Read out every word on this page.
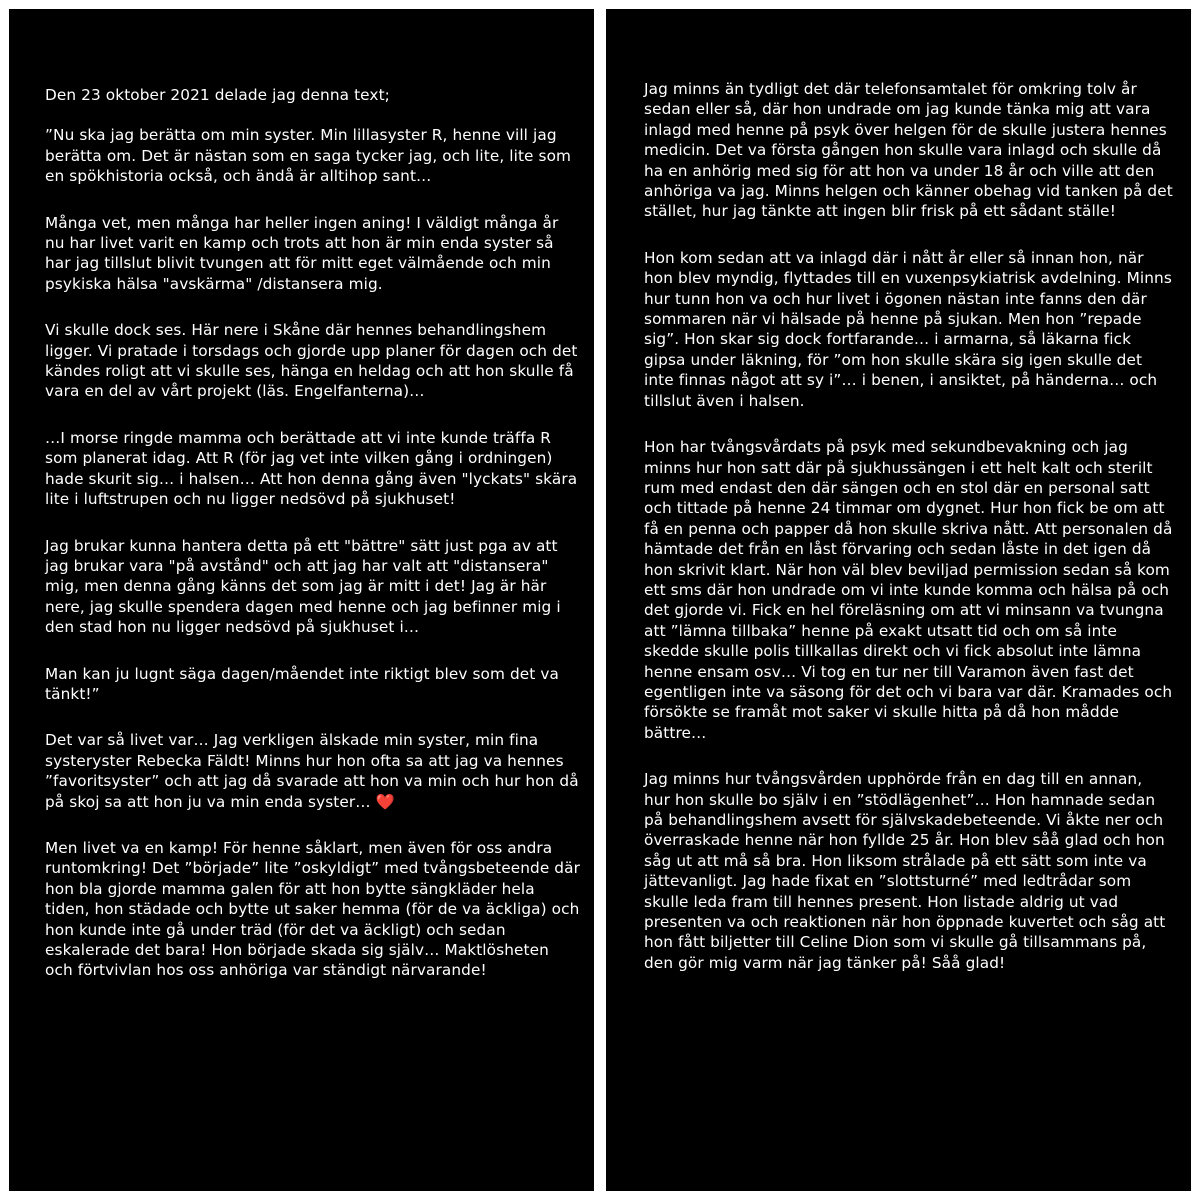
Den 23 oktober 2021 delade jag denna text;

”Nu ska jag berätta om min syster. Min lillasyster R, henne vill jag berätta om. Det är nästan som en saga tycker jag, och lite, lite som en spökhistoria också, och ändå är alltihop sant…

Många vet, men många har heller ingen aning! I väldigt många år nu har livet varit en kamp och trots att hon är min enda syster så har jag tillslut blivit tvungen att för mitt eget välmående och min psykiska hälsa "avskärma" /distansera mig.

Vi skulle dock ses. Här nere i Skåne där hennes behandlingshem ligger. Vi pratade i torsdags och gjorde upp planer för dagen och det kändes roligt att vi skulle ses, hänga en heldag och att hon skulle få vara en del av vårt projekt (läs. Engelfanterna)…

…I morse ringde mamma och berättade att vi inte kunde träffa R som planerat idag. Att R (för jag vet inte vilken gång i ordningen) hade skurit sig… i halsen… Att hon denna gång även "lyckats" skära lite i luftstrupen och nu ligger nedsövd på sjukhuset!

Jag brukar kunna hantera detta på ett "bättre" sätt just pga av att jag brukar vara "på avstånd" och att jag har valt att "distansera" mig, men denna gång känns det som jag är mitt i det! Jag är här nere, jag skulle spendera dagen med henne och jag befinner mig i den stad hon nu ligger nedsövd på sjukhuset i…

Man kan ju lugnt säga dagen/måendet inte riktigt blev som det va tänkt!”

Det var så livet var… Jag verkligen älskade min syster, min fina systeryster Rebecka Fäldt! Minns hur hon ofta sa att jag va hennes ”favoritsyster” och att jag då svarade att hon va min och hur hon då på skoj sa att hon ju va min enda syster… ❤️

Men livet va en kamp! För henne såklart, men även för oss andra runtomkring! Det ”började” lite ”oskyldigt” med tvångsbeteende där hon bla gjorde mamma galen för att hon bytte sängkläder hela tiden, hon städade och bytte ut saker hemma (för de va äckliga) och hon kunde inte gå under träd (för det va äckligt) och sedan eskalerade det bara! Hon började skada sig själv… Maktlösheten och förtvivlan hos oss anhöriga var ständigt närvarande!

Jag minns än tydligt det där telefonsamtalet för omkring tolv år sedan eller så, där hon undrade om jag kunde tänka mig att vara inlagd med henne på psyk över helgen för de skulle justera hennes medicin. Det va första gången hon skulle vara inlagd och skulle då ha en anhörig med sig för att hon va under 18 år och ville att den anhöriga va jag. Minns helgen och känner obehag vid tanken på det stället, hur jag tänkte att ingen blir frisk på ett sådant ställe!

Hon kom sedan att va inlagd där i nått år eller så innan hon, när hon blev myndig, flyttades till en vuxenpsykiatrisk avdelning. Minns hur tunn hon va och hur livet i ögonen nästan inte fanns den där sommaren när vi hälsade på henne på sjukan. Men hon ”repade sig”. Hon skar sig dock fortfarande… i armarna, så läkarna fick gipsa under läkning, för ”om hon skulle skära sig igen skulle det inte finnas något att sy i”… i benen, i ansiktet, på händerna… och tillslut även i halsen.

Hon har tvångsvårdats på psyk med sekundbevakning och jag minns hur hon satt där på sjukhussängen i ett helt kalt och sterilt rum med endast den där sängen och en stol där en personal satt och tittade på henne 24 timmar om dygnet. Hur hon fick be om att få en penna och papper då hon skulle skriva nått. Att personalen då hämtade det från en låst förvaring och sedan låste in det igen då hon skrivit klart. När hon väl blev beviljad permission sedan så kom ett sms där hon undrade om vi inte kunde komma och hälsa på och det gjorde vi. Fick en hel föreläsning om att vi minsann va tvungna att ”lämna tillbaka” henne på exakt utsatt tid och om så inte skedde skulle polis tillkallas direkt och vi fick absolut inte lämna henne ensam osv… Vi tog en tur ner till Varamon även fast det egentligen inte va säsong för det och vi bara var där. Kramades och försökte se framåt mot saker vi skulle hitta på då hon mådde bättre…

Jag minns hur tvångsvården upphörde från en dag till en annan, hur hon skulle bo själv i en ”stödlägenhet”… Hon hamnade sedan på behandlingshem avsett för självskadebeteende. Vi åkte ner och överraskade henne när hon fyllde 25 år. Hon blev såå glad och hon såg ut att må så bra. Hon liksom strålade på ett sätt som inte va jättevanligt. Jag hade fixat en ”slottsturné” med ledtrådar som skulle leda fram till hennes present. Hon listade aldrig ut vad presenten va och reaktionen när hon öppnade kuvertet och såg att hon fått biljetter till Celine Dion som vi skulle gå tillsammans på, den gör mig varm när jag tänker på! Såå glad!
